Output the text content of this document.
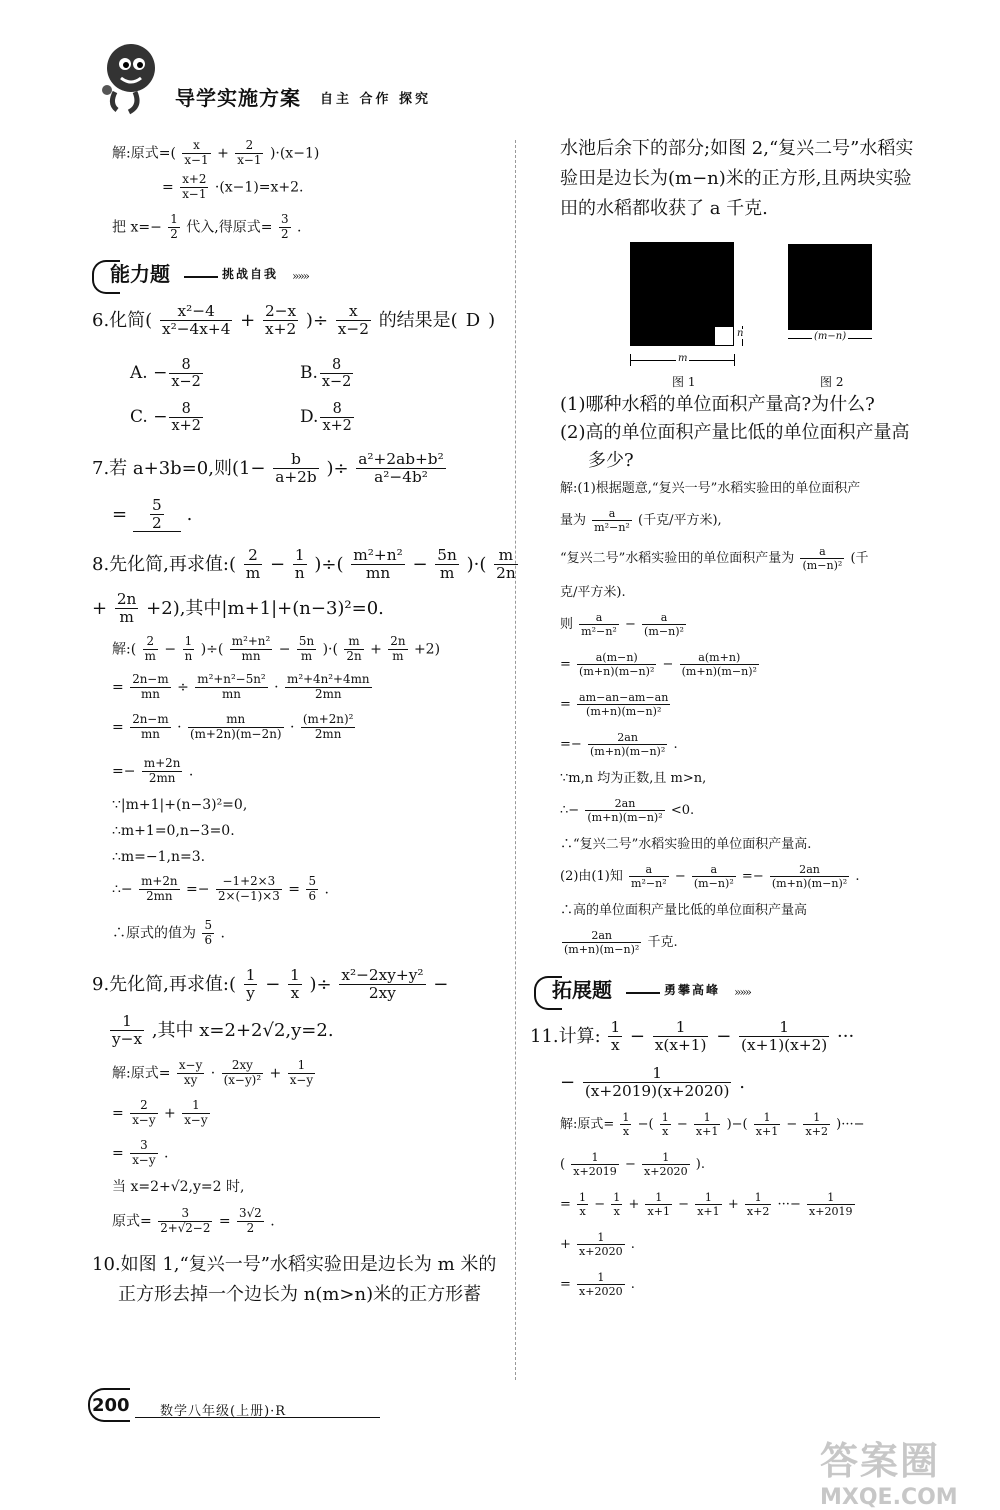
导学实施方案 自主 合作 探究
解:原式=( $\frac{x}{x-1} + \frac{2}{x-1} )\cdot(x-1)$
= $\frac{x+2}{x-1} \cdot(x-1)=x+2$.
把 $x=- \frac{1}{2}$ 代入,得原式= $\frac{3}{2}$ .
能力题	挑战自我 »»»
6.化简( $\frac{\text{x²−4}}{\text{x²−4x+4}} + \frac{2-x}{x+2}$ )÷ $\frac{x}{x-2}$ 的结果是( D )
A. − $\frac{8}{x-2}$	B. $\frac{8}{x-2}$
C. − $\frac{8}{x+2}$	D. $\frac{8}{x+2}$
7.若 a+3b=0,则($1- \frac{b}{a+2b}$ )÷ $\frac{\text{a²+2ab+b²}}{\text{a²−4b²}}$
= $\frac{5}{2}$ .
8.先化简,再求值:( $\frac{2}{m} - \frac{1}{n}$ )÷( $\frac{\text{m²+n²}}{mn} - \frac{5n}{m}$ )·( $\frac{m}{2n}$
+ $\frac{2n}{m} +2$),其中|m+1|+(n−3)²=0.
解:( $\frac{2}{m} - \frac{1}{n}$ )÷( $\frac{\text{m²+n²}}{mn} - \frac{5n}{m}$ )·( $\frac{m}{2n} + \frac{2n}{m} +2$)
= $\frac{2n-m}{mn} \div \frac{\text{m²+n²−5n²}}{mn} \cdot \frac{\text{m²+4n²+4mn}}{2mn}$
= $\frac{2n-m}{mn} \cdot \frac{mn}{(m+2n)(m-2n)} \cdot \frac{\text{(m+2n)²}}{2mn}$
=− $\frac{m+2n}{2mn}$ .
∵|m+1|+(n−3)²=0,
∴m+1=0,n−3=0.
∴m=−1,n=3.
∴− $\frac{m+2n}{2mn} =- \frac{-1+2\times 3}{2\times(-1)\times 3} = \frac{5}{6}$ .
∴原式的值为 $\frac{5}{6}$ .
9.先化简,再求值:( $\frac{1}{y} - \frac{1}{x}$ )÷ $\frac{\text{x²−2xy+y²}}{2xy}$ −
$\frac{1}{y-x}$ ,其中 x=2+2√2,y=2.
解:原式= $\frac{x-y}{xy} \cdot \frac{2xy}{\text{(x−y)²}} + \frac{1}{x-y}$
= $\frac{2}{x-y} + \frac{1}{x-y}$
= $\frac{3}{x-y}$ .
当 x=2+√2,y=2 时,
原式= $\frac{3}{2+√2-2} = \frac{3√2}{2}$ .
10.如图 1,“复兴一号”水稻实验田是边长为 m 米的
正方形去掉一个边长为 n(m>n)米的正方形蓄
水池后余下的部分;如图 2,“复兴二号”水稻实
验田是边长为(m−n)米的正方形,且两块实验
田的水稻都收获了 a 千克.
m
n
图 1
(m−n)
图 2
(1)哪种水稻的单位面积产量高?为什么?
(2)高的单位面积产量比低的单位面积产量高
多少?
解:(1)根据题意,“复兴一号”水稻实验田的单位面积产
量为 $\frac{a}{\text{m²−n²}}$ (千克/平方米),
“复兴二号”水稻实验田的单位面积产量为 $\frac{a}{\text{(m−n)²}}$ (千
克/平方米).
则 $\frac{a}{\text{m²−n²}} - \frac{a}{\text{(m−n)²}}$
= $\frac{a(m-n)}{\text{(m+n)(m−n)²}} - \frac{a(m+n)}{\text{(m+n)(m−n)²}}$
= $\frac{am-an-am-an}{\text{(m+n)(m−n)²}}$
=− $\frac{2an}{\text{(m+n)(m−n)²}}$ .
∵m,n 均为正数,且 m>n,
∴− $\frac{2an}{\text{(m+n)(m−n)²}} <0$.
∴“复兴二号”水稻实验田的单位面积产量高.
(2)由(1)知 $\frac{a}{\text{m²−n²}} - \frac{a}{\text{(m−n)²}} =- \frac{2an}{\text{(m+n)(m−n)²}}$ .
∴高的单位面积产量比低的单位面积产量高
$\frac{2an}{\text{(m+n)(m−n)²}}$ 千克.
拓展题	勇攀高峰 »»»
11.计算: $\frac{1}{x} - \frac{1}{x(x+1)} - \frac{1}{(x+1)(x+2)}$ ···
− $\frac{1}{(x+2019)(x+2020)}$ .
解:原式= $\frac{1}{x}$ −( $\frac{1}{x} - \frac{1}{x+1}$ )−( $\frac{1}{x+1} - \frac{1}{x+2}$ )···−
( $\frac{1}{x+2019} - \frac{1}{x+2020}$ ).
= $\frac{1}{x} - \frac{1}{x} + \frac{1}{x+1} - \frac{1}{x+1} + \frac{1}{x+2}$ ···− $\frac{1}{x+2019}$
+ $\frac{1}{x+2020}$ .
= $\frac{1}{x+2020}$ .
200 数学八年级(上册)·R
答案圈
MXQE.COM
